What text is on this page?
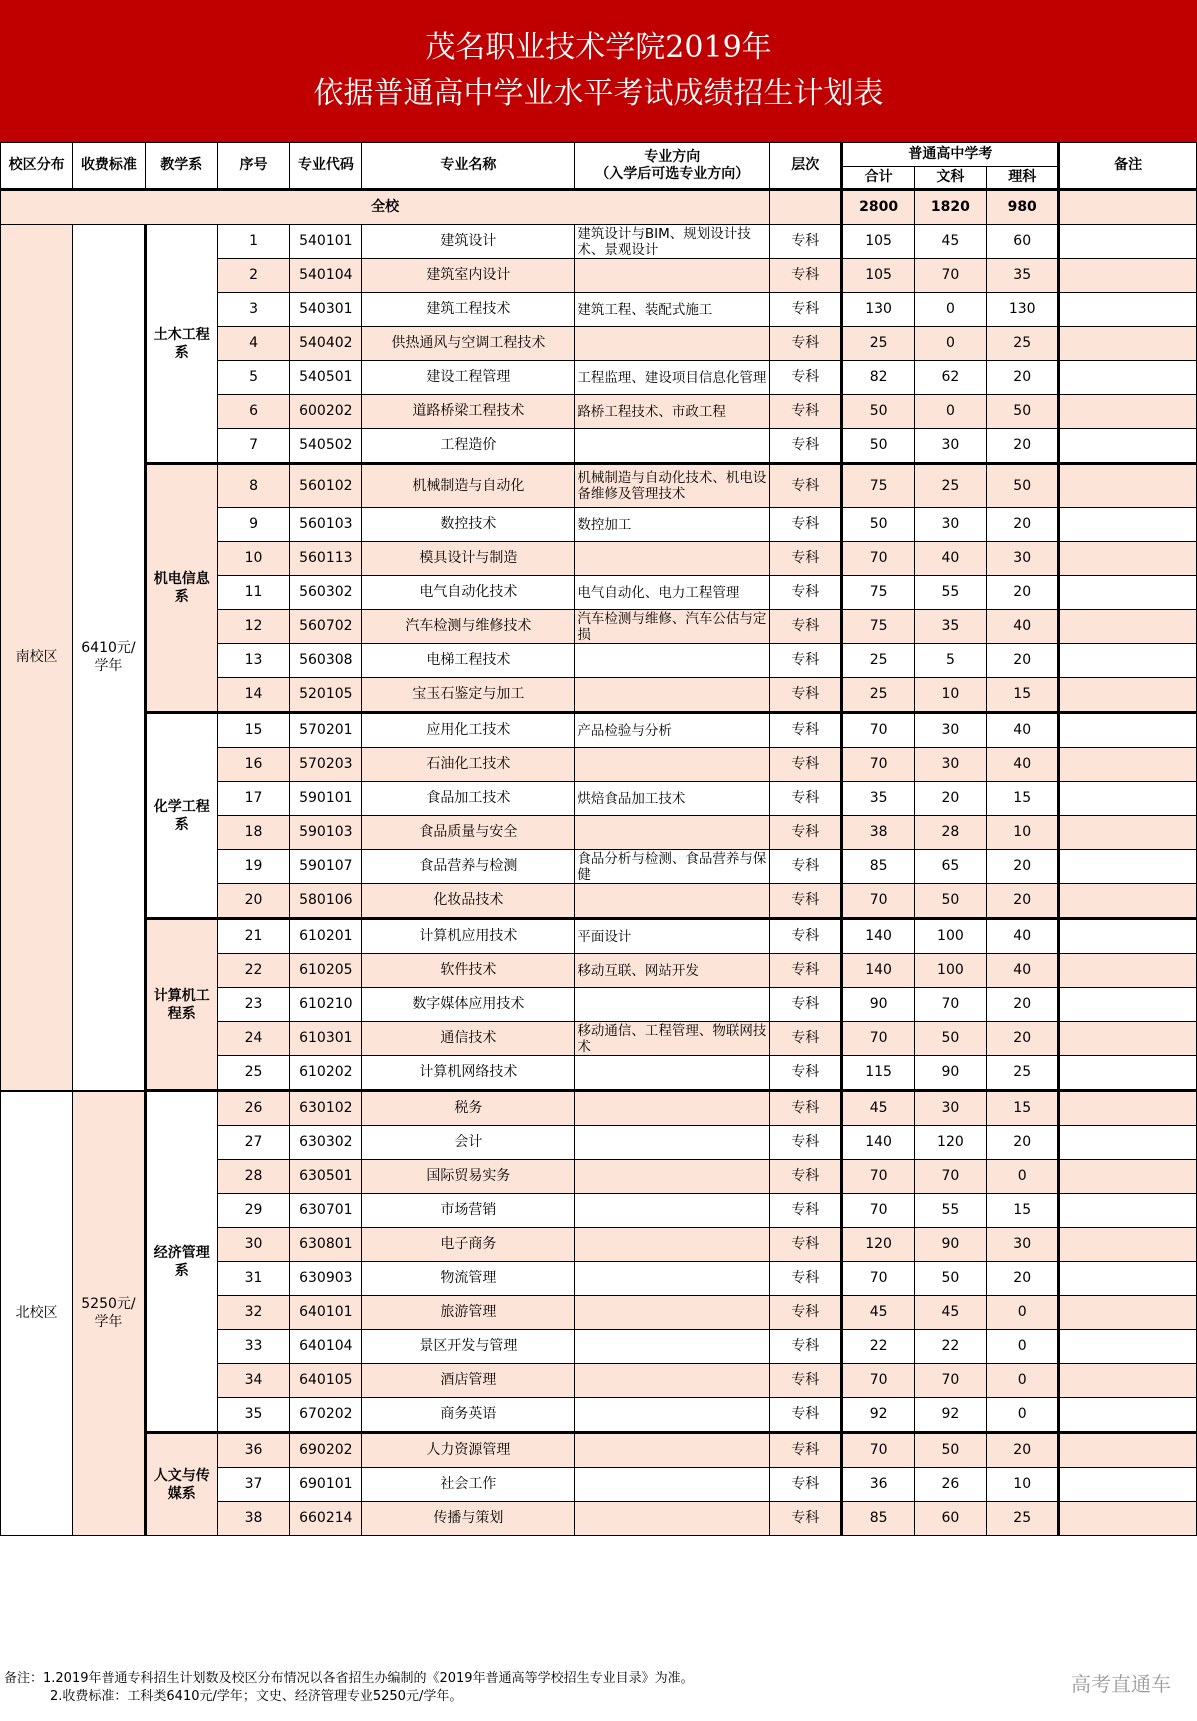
茂名职业技术学院2019年
依据普通高中学业水平考试成绩招生计划表
校区分布	收费标准	教学系	序号	专业代码	专业名称	专业方向
（入学后可选专业方向）	层次	普通高中学考			备注
								合计	文科	理科	
全校								2800	1820	980	
南校区	6410元/学年	土木工程系	1	540101	建筑设计	建筑设计与BIM、规划设计技术、景观设计	专科	105	45	60	
			2	540104	建筑室内设计		专科	105	70	35	
			3	540301	建筑工程技术	建筑工程、装配式施工	专科	130	0	130	
			4	540402	供热通风与空调工程技术		专科	25	0	25	
			5	540501	建设工程管理	工程监理、建设项目信息化管理	专科	82	62	20	
			6	600202	道路桥梁工程技术	路桥工程技术、市政工程	专科	50	0	50	
			7	540502	工程造价		专科	50	30	20	
		机电信息系	8	560102	机械制造与自动化	机械制造与自动化技术、机电设备维修及管理技术	专科	75	25	50	
			9	560103	数控技术	数控加工	专科	50	30	20	
			10	560113	模具设计与制造		专科	70	40	30	
			11	560302	电气自动化技术	电气自动化、电力工程管理	专科	75	55	20	
			12	560702	汽车检测与维修技术	汽车检测与维修、汽车公估与定损	专科	75	35	40	
			13	560308	电梯工程技术		专科	25	5	20	
			14	520105	宝玉石鉴定与加工		专科	25	10	15	
		化学工程系	15	570201	应用化工技术	产品检验与分析	专科	70	30	40	
			16	570203	石油化工技术		专科	70	30	40	
			17	590101	食品加工技术	烘焙食品加工技术	专科	35	20	15	
			18	590103	食品质量与安全		专科	38	28	10	
			19	590107	食品营养与检测	食品分析与检测、食品营养与保健	专科	85	65	20	
			20	580106	化妆品技术		专科	70	50	20	
		计算机工程系	21	610201	计算机应用技术	平面设计	专科	140	100	40	
			22	610205	软件技术	移动互联、网站开发	专科	140	100	40	
			23	610210	数字媒体应用技术		专科	90	70	20	
			24	610301	通信技术	移动通信、工程管理、物联网技术	专科	70	50	20	
			25	610202	计算机网络技术		专科	115	90	25	
北校区	5250元/学年	经济管理系	26	630102	税务		专科	45	30	15	
			27	630302	会计		专科	140	120	20	
			28	630501	国际贸易实务		专科	70	70	0	
			29	630701	市场营销		专科	70	55	15	
			30	630801	电子商务		专科	120	90	30	
			31	630903	物流管理		专科	70	50	20	
			32	640101	旅游管理		专科	45	45	0	
			33	640104	景区开发与管理		专科	22	22	0	
			34	640105	酒店管理		专科	70	70	0	
			35	670202	商务英语		专科	92	92	0	
		人文与传媒系	36	690202	人力资源管理		专科	70	50	20	
			37	690101	社会工作		专科	36	26	10	
			38	660214	传播与策划		专科	85	60	25	
备注：1.2019年普通专科招生计划数及校区分布情况以各省招生办编制的《2019年普通高等学校招生专业目录》为准。
2.收费标准：工科类6410元/学年；文史、经济管理专业5250元/学年。
高考直通车
